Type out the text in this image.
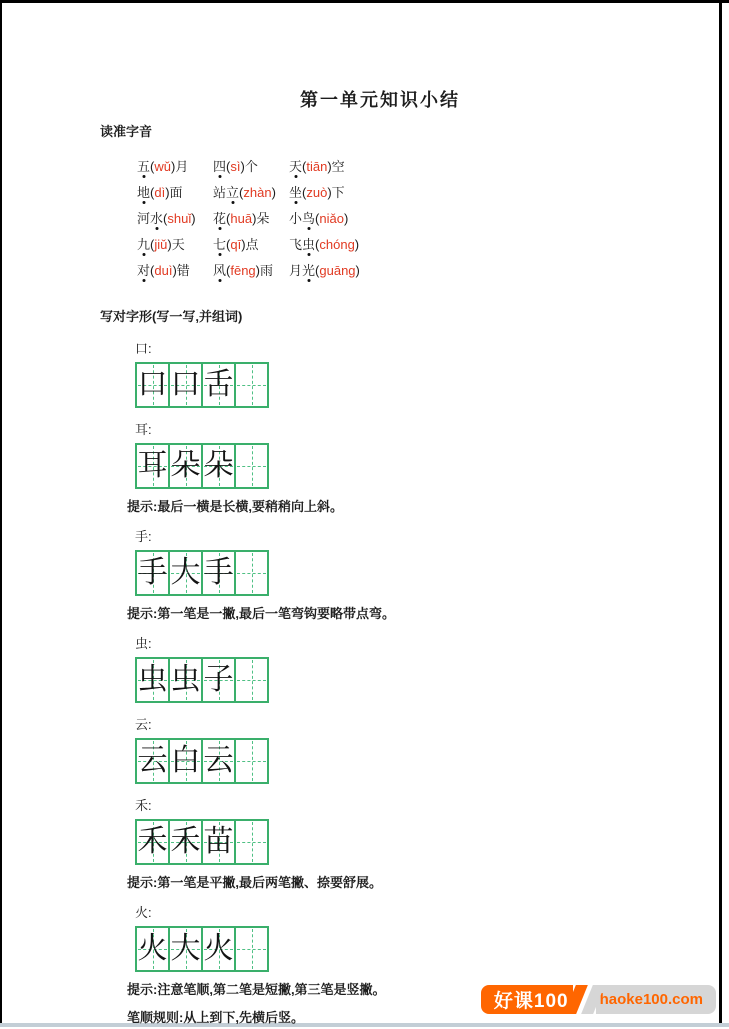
第一单元知识小结
读准字音
五(wǔ)月	四(sì)个	天(tiān)空
地(dì)面	站立(zhàn)	坐(zuò)下
河水(shuǐ)	花(huā)朵	小鸟(niǎo)
九(jiǔ)天	七(qī)点	飞虫(chóng)
对(duì)错	风(fēng)雨	月光(guāng)
写对字形(写一写,并组词)
口:
口 口 舌
耳:
耳 朵 朵
提示:最后一横是长横,要稍稍向上斜。
手:
手 大 手
提示:第一笔是一撇,最后一笔弯钩要略带点弯。
虫:
虫 虫 子
云:
云 白 云
禾:
禾 禾 苗
提示:第一笔是平撇,最后两笔撇、捺要舒展。
火:
火 大 火
提示:注意笔顺,第二笔是短撇,第三笔是竖撇。
笔顺规则:从上到下,先横后竖。
好课100 haoke100.com
